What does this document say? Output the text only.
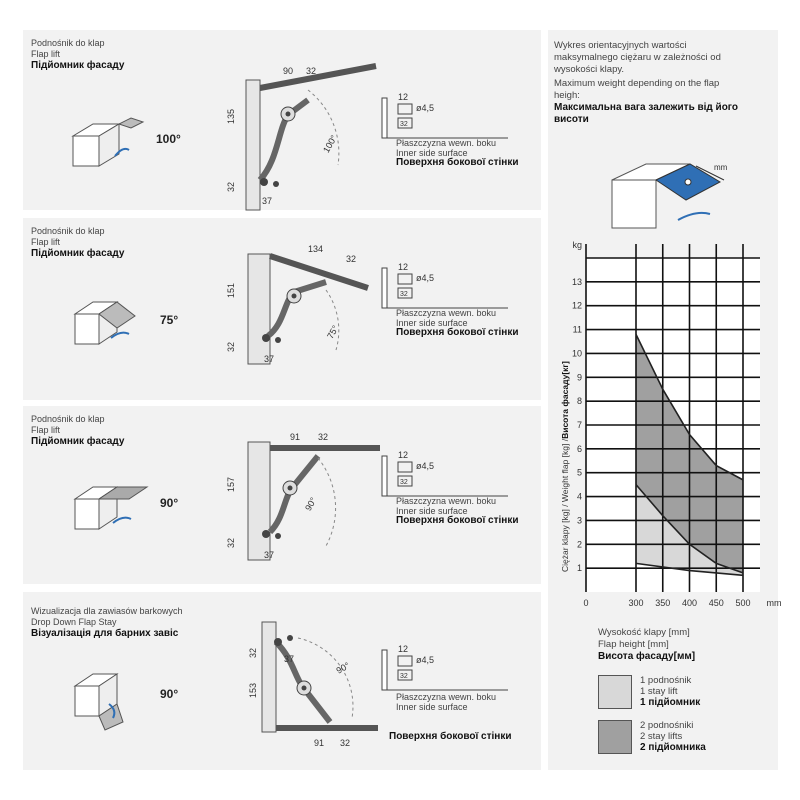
Podnośnik do klap
Flap lift
Підйомник фасаду
100°
90 32
135
32
37
100°
12
ø4,5
32
Płaszczyzna wewn. boku
Inner side surface
Поверхня бокової стінки
Podnośnik do klap
Flap lift
Підйомник фасаду
75°
134
32
151
32
37
75°
12
ø4,5
32
Płaszczyzna wewn. boku
Inner side surface
Поверхня бокової стінки
Podnośnik do klap
Flap lift
Підйомник фасаду
90°
91 32
157
32
37
90°
12
ø4,5
32
Płaszczyzna wewn. boku
Inner side surface
Поверхня бокової стінки
Wizualizacja dla zawiasów barkowych
Drop Down Flap Stay
Візуалізація для барних завіс
90°
32
153
37
91 32
90°
12
ø4,5
32
Płaszczyzna wewn. boku
Inner side surface
Поверхня бокової стінки
Wykres orientacyjnych wartości maksymalnego ciężaru w zależności od wysokości klapy.
Maximum weight depending on the flap heigh:
Максимальна вага залежить від його висоти
mm
13
12
11
10
9
8
7
6
5
4
3
2
1
kg
0	300 350 400 450 500 mm
Ciężar klapy [kg] / Weight flap [kg] /Висота фасаду[кг]
Wysokość klapy [mm]
Flap height [mm]
Висота фасаду[мм]
1 podnośnik
1 stay lift
1 підйомник
2 podnośniki
2 stay lifts
2 підйомника
